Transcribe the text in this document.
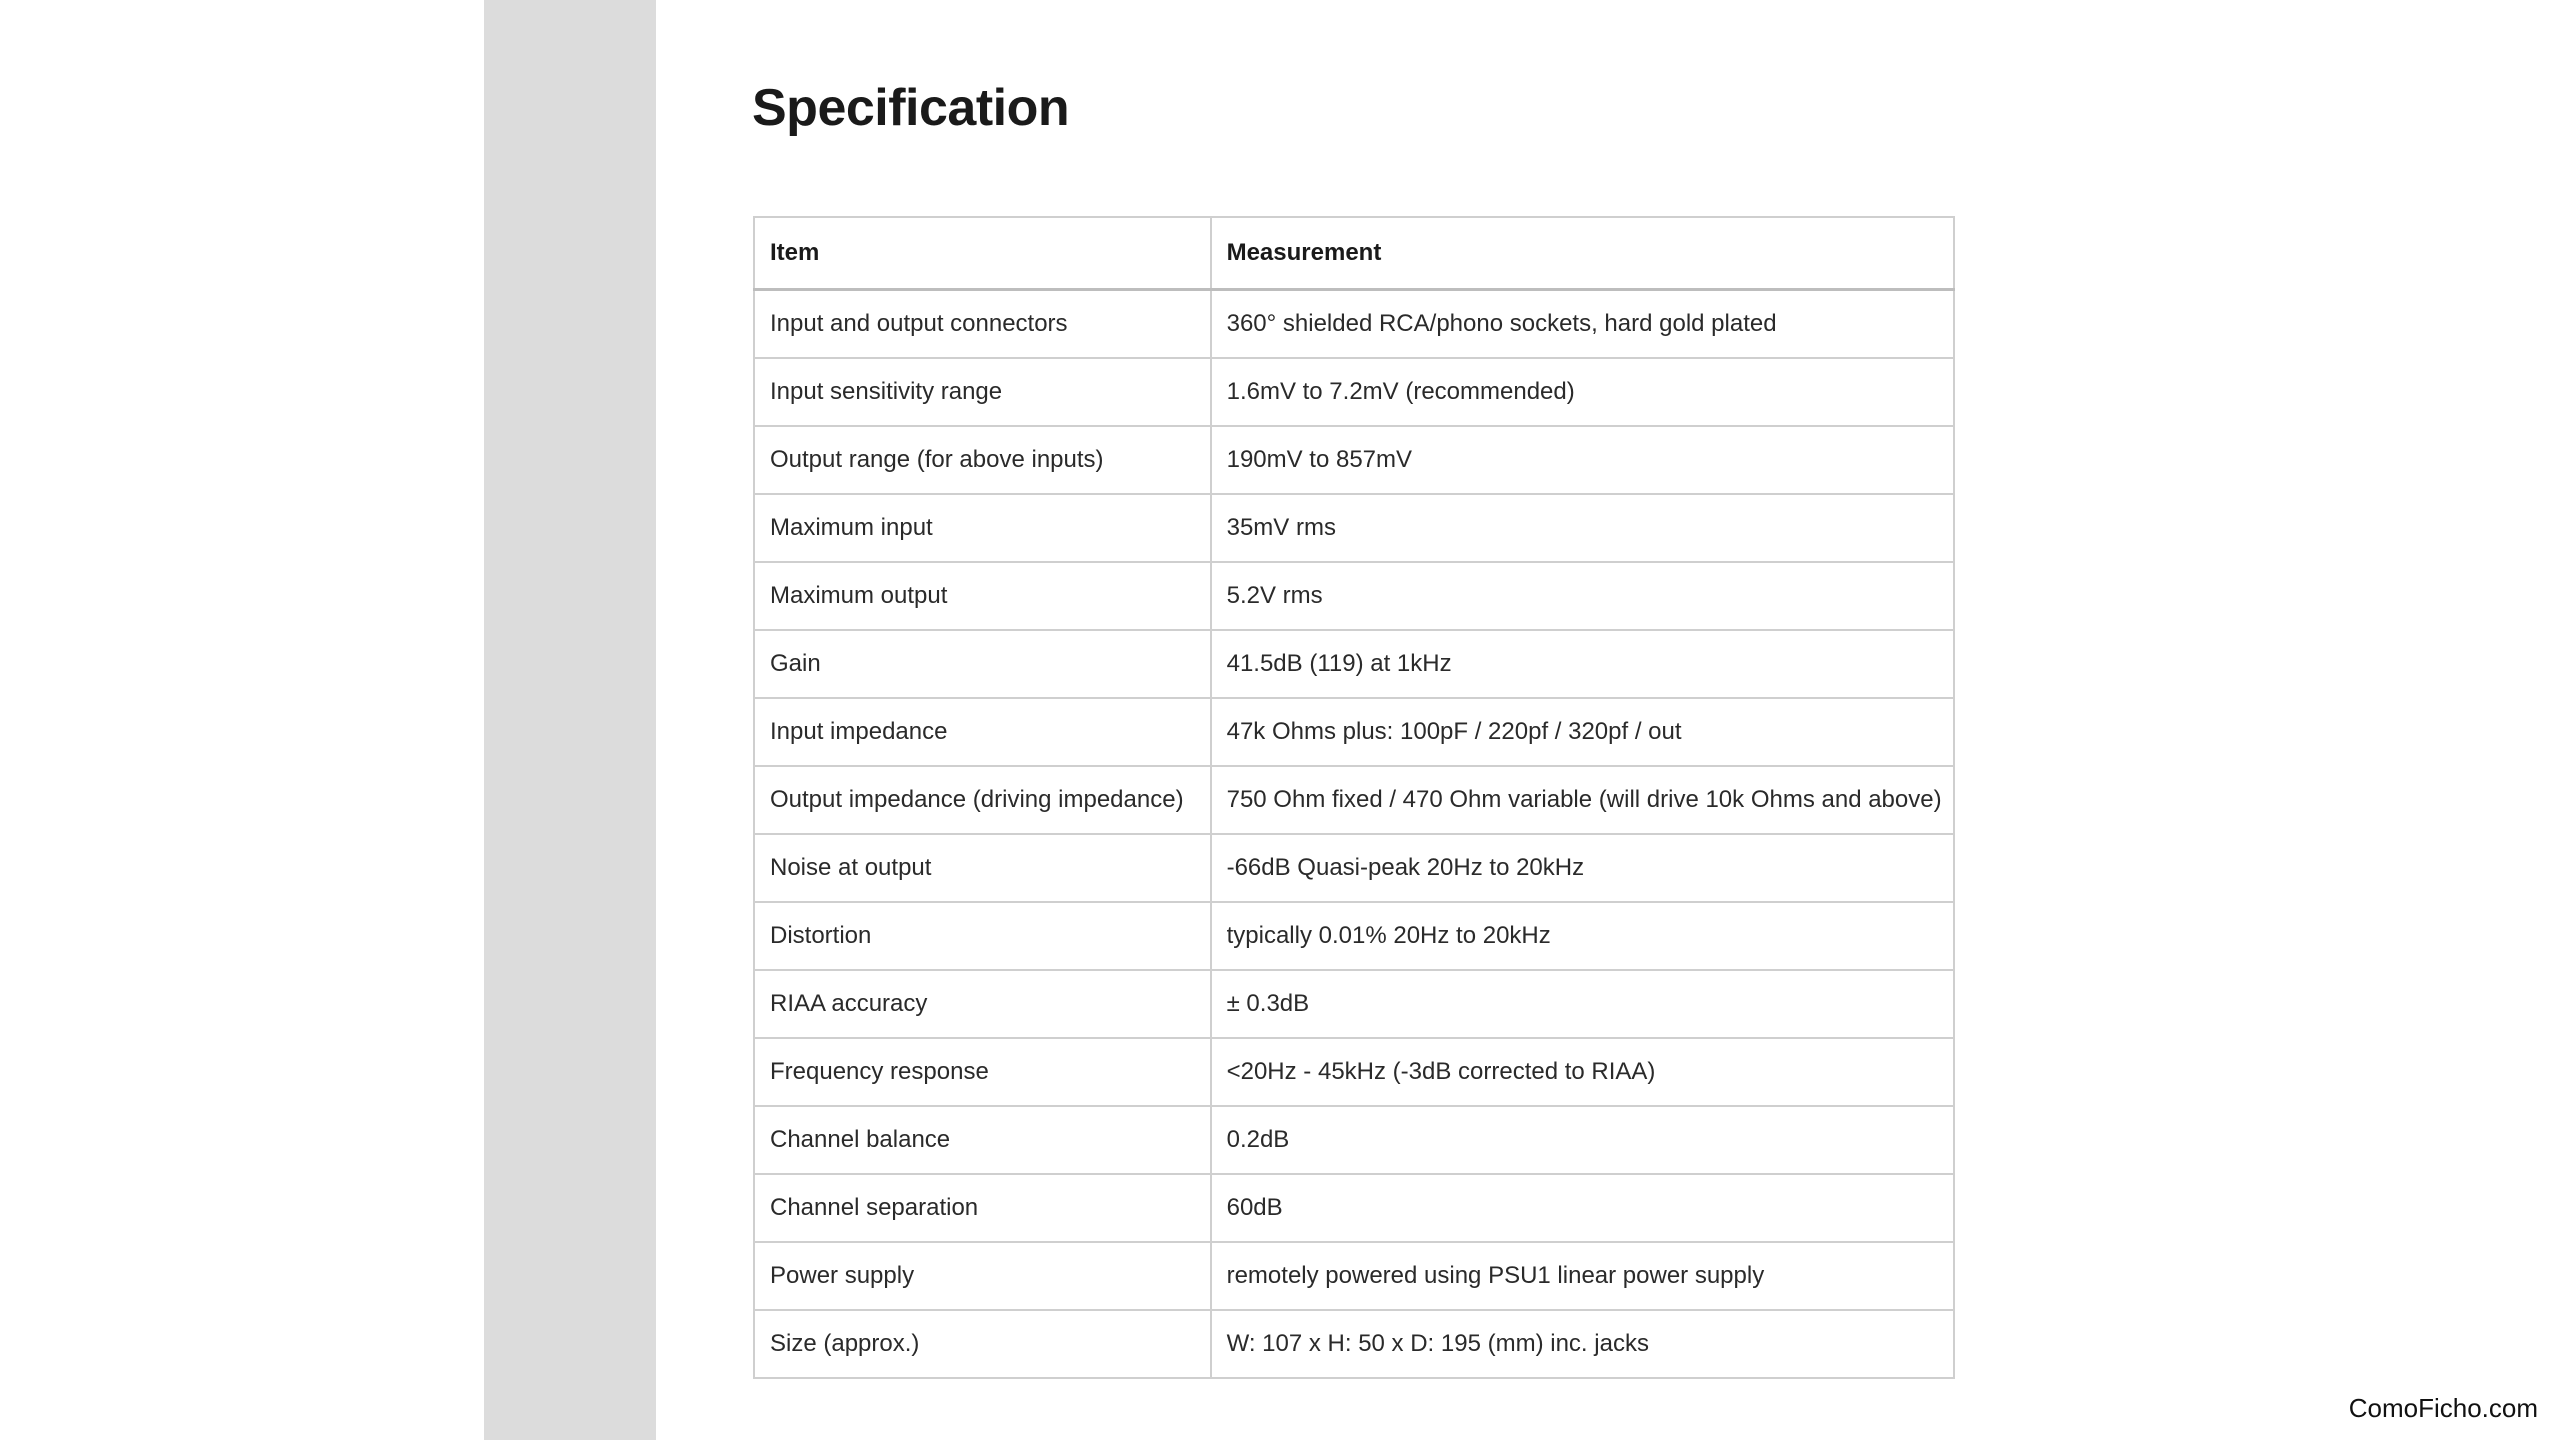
Specification
Item	Measurement
Input and output connectors	360° shielded RCA/phono sockets, hard gold plated
Input sensitivity range	1.6mV to 7.2mV (recommended)
Output range (for above inputs)	190mV to 857mV
Maximum input	35mV rms
Maximum output	5.2V rms
Gain	41.5dB (119) at 1kHz
Input impedance	47k Ohms plus: 100pF / 220pf / 320pf / out
Output impedance (driving impedance)	750 Ohm fixed / 470 Ohm variable (will drive 10k Ohms and above)
Noise at output	-66dB Quasi-peak 20Hz to 20kHz
Distortion	typically 0.01% 20Hz to 20kHz
RIAA accuracy	± 0.3dB
Frequency response	<20Hz - 45kHz (-3dB corrected to RIAA)
Channel balance	0.2dB
Channel separation	60dB
Power supply	remotely powered using PSU1 linear power supply
Size (approx.)	W: 107 x H: 50 x D: 195 (mm) inc. jacks
ComoFicho.com
